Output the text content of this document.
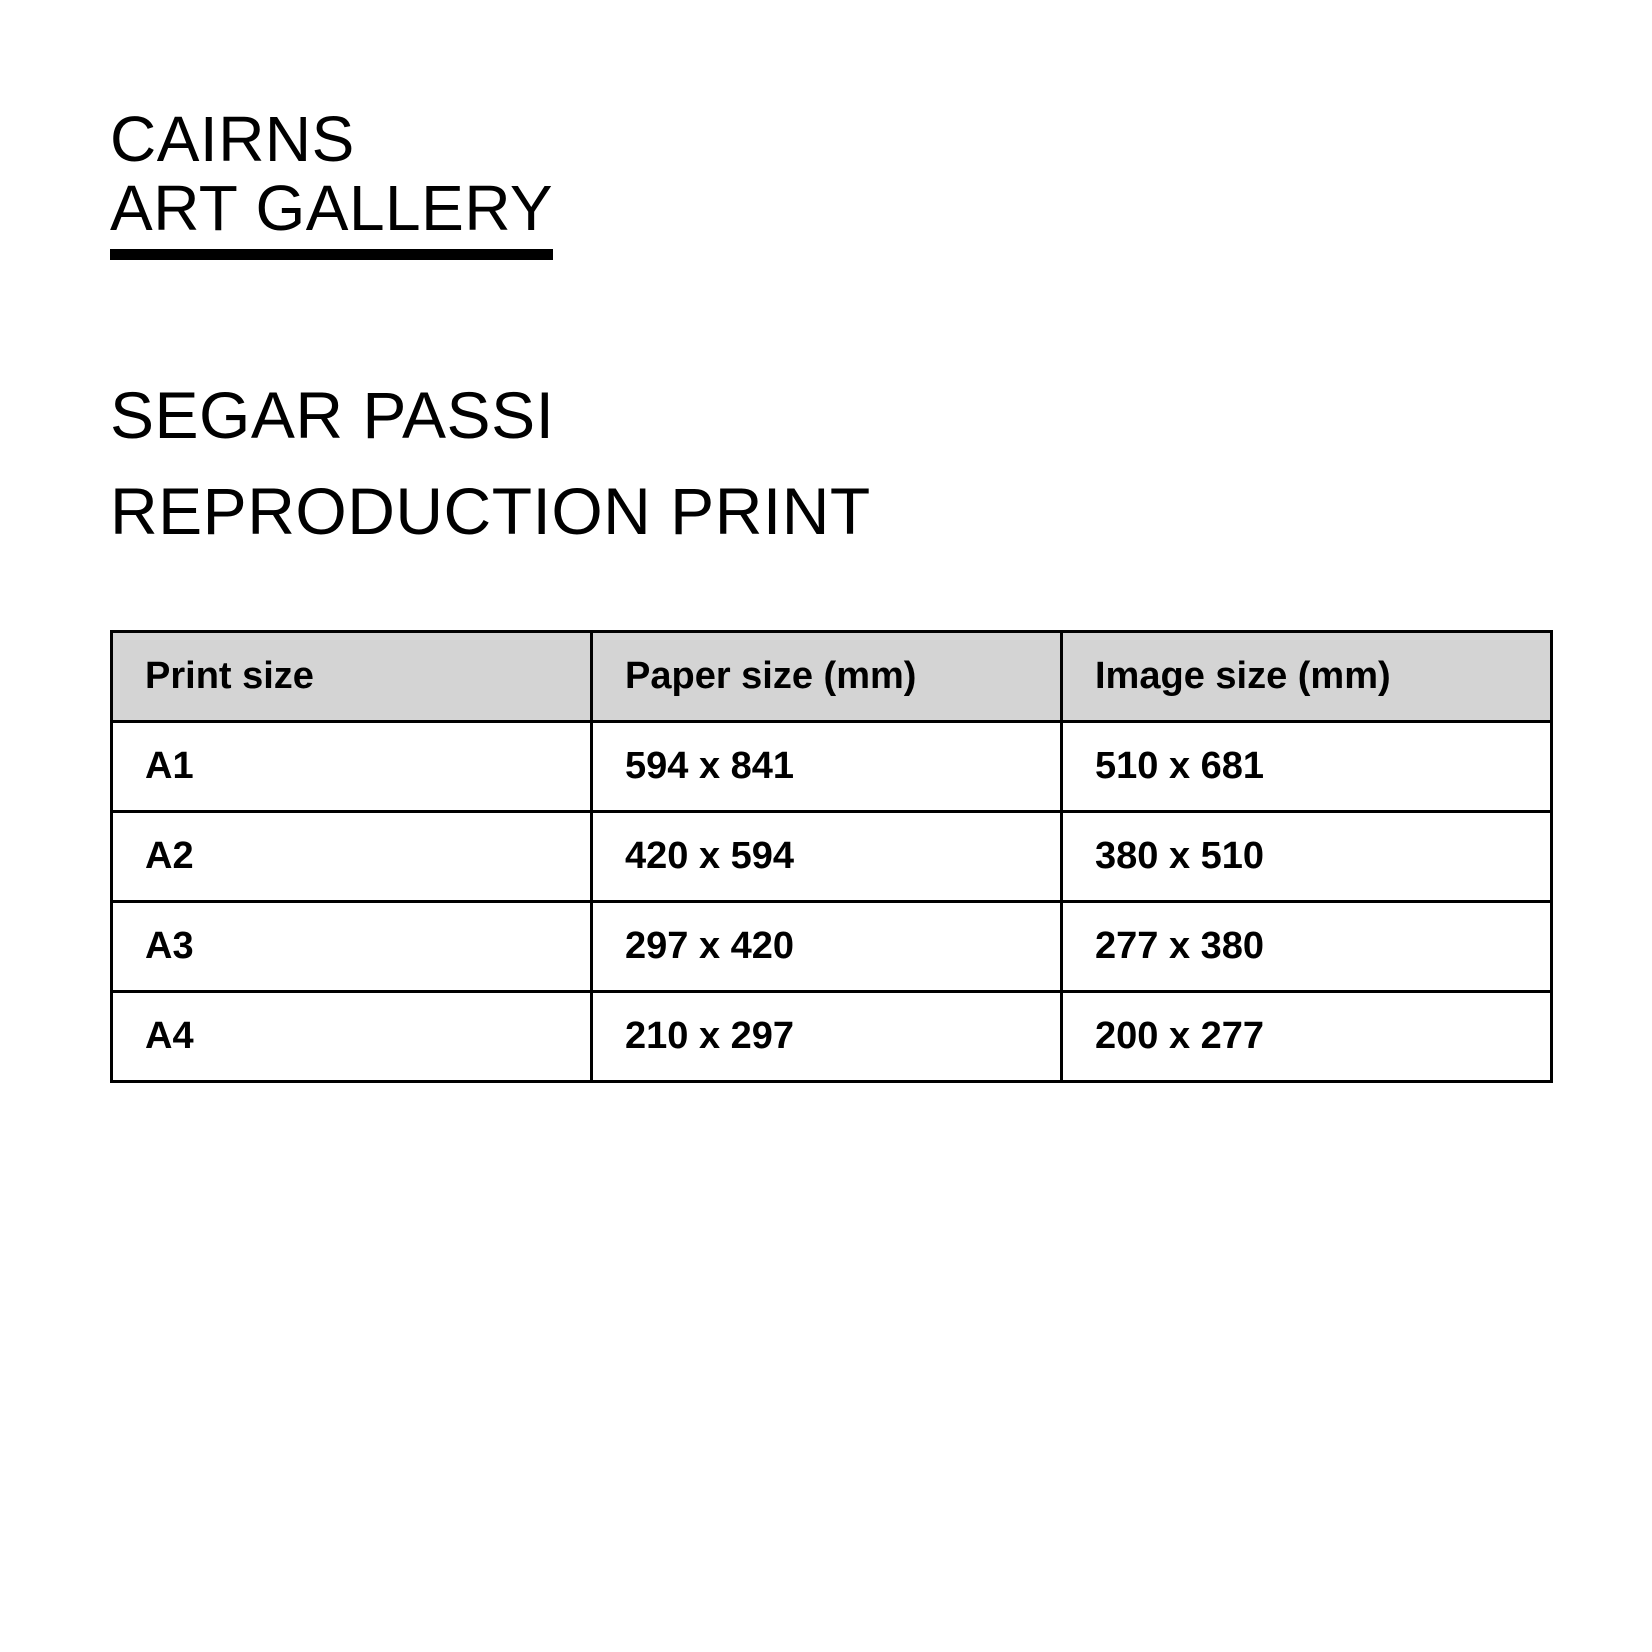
CAIRNS
ART GALLERY
SEGAR PASSI
REPRODUCTION PRINT
Print size	Paper size (mm)	Image size (mm)
A1	594 x 841	510 x 681
A2	420 x 594	380 x 510
A3	297 x 420	277 x 380
A4	210 x 297	200 x 277
